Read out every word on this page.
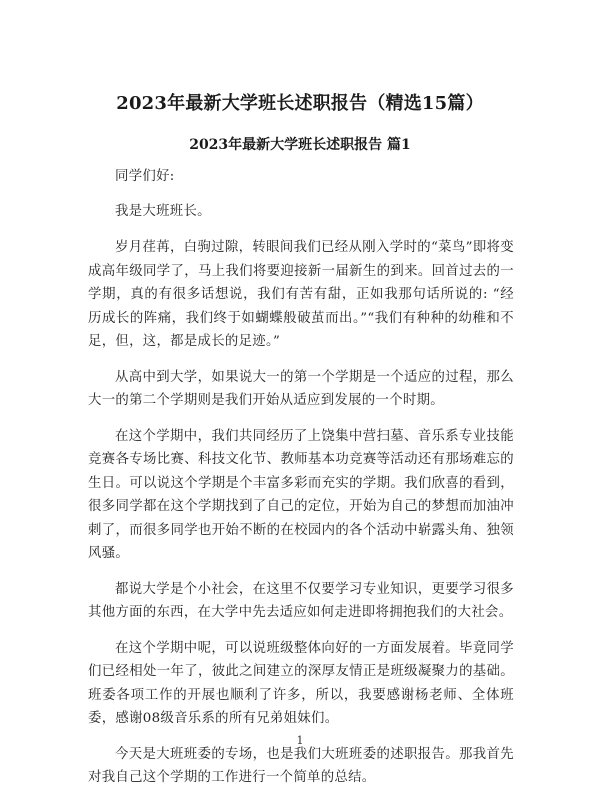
2023年最新大学班长述职报告（精选15篇）
2023年最新大学班长述职报告 篇1

同学们好:

我是大班班长。

岁月荏苒，白驹过隙，转眼间我们已经从刚入学时的“菜鸟”即将变成高年级同学了，马上我们将要迎接新一届新生的到来。回首过去的一学期，真的有很多话想说，我们有苦有甜，正如我那句话所说的: “经历成长的阵痛，我们终于如蝴蝶般破茧而出。”“我们有种种的幼稚和不足，但，这，都是成长的足迹。”

从高中到大学，如果说大一的第一个学期是一个适应的过程，那么大一的第二个学期则是我们开始从适应到发展的一个时期。

在这个学期中，我们共同经历了上饶集中营扫墓、音乐系专业技能竞赛各专场比赛、科技文化节、教师基本功竞赛等活动还有那场难忘的生日。可以说这个学期是个丰富多彩而充实的学期。我们欣喜的看到，很多同学都在这个学期找到了自己的定位，开始为自己的梦想而加油冲刺了，而很多同学也开始不断的在校园内的各个活动中崭露头角、独领风骚。

都说大学是个小社会，在这里不仅要学习专业知识，更要学习很多其他方面的东西，在大学中先去适应如何走进即将拥抱我们的大社会。

在这个学期中呢，可以说班级整体向好的一方面发展着。毕竟同学们已经相处一年了，彼此之间建立的深厚友情正是班级凝聚力的基础。班委各项工作的开展也顺利了许多，所以，我要感谢杨老师、全体班委，感谢08级音乐系的所有兄弟姐妹们。

今天是大班班委的专场，也是我们大班班委的述职报告。那我首先对我自己这个学期的工作进行一个简单的总结。

1
